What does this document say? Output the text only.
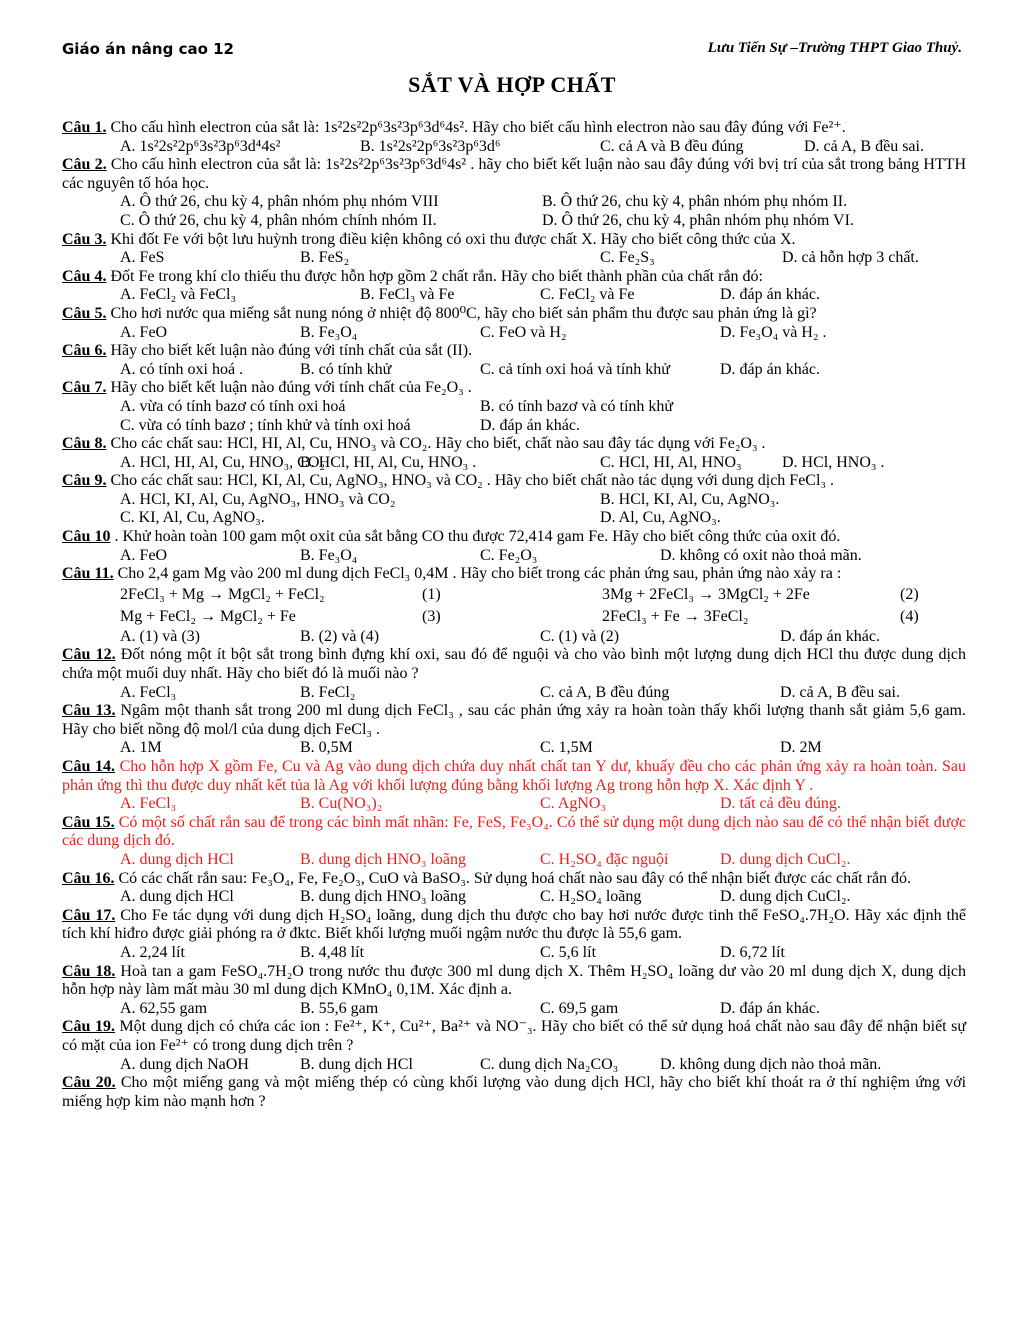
Giáo án nâng cao 12	Lưu Tiến Sự –Trường THPT Giao Thuỷ.
SẮT VÀ HỢP CHẤT

Câu 1. Cho cấu hình electron của sắt là: 1s²2s²2p⁶3s²3p⁶3d⁶4s². Hãy cho biết cấu hình electron nào sau đây đúng với Fe²⁺.

A. 1s²2s²2p⁶3s²3p⁶3d⁴4s²	B. 1s²2s²2p⁶3s²3p⁶3d⁶	C. cả A và B đều đúng	D. cả A, B đều sai.

Câu 2. Cho cấu hình electron của sắt là: 1s²2s²2p⁶3s²3p⁶3d⁶4s² . hãy cho biết kết luận nào sau đây đúng với bvị trí của sắt trong bảng HTTH các nguyên tố hóa học.

A. Ô thứ 26, chu kỳ 4, phân nhóm phụ nhóm VIII	B. Ô thứ 26, chu kỳ 4, phân nhóm phụ nhóm II.
C. Ô thứ 26, chu kỳ 4, phân nhóm chính nhóm II.	D. Ô thứ 26, chu kỳ 4, phân nhóm phụ nhóm VI.

Câu 3. Khi đốt Fe với bột lưu huỳnh trong điều kiện không có oxi thu được chất X. Hãy cho biết công thức của X.

A. FeS	B. FeS₂	C. Fe₂S₃	D. cả hỗn hợp 3 chất.

Câu 4. Đốt Fe trong khí clo thiếu thu được hỗn hợp gồm 2 chất rắn. Hãy cho biết thành phần của chất rắn đó:

A. FeCl₂ và FeCl₃	B. FeCl₃ và Fe	C. FeCl₂ và Fe	D. đáp án khác.

Câu 5. Cho hơi nước qua miếng sắt nung nóng ở nhiệt độ 800⁰C, hãy cho biết sản phẩm thu được sau phản ứng là gì?

A. FeO	B. Fe₃O₄	C. FeO và H₂	D. Fe₃O₄ và H₂ .

Câu 6. Hãy cho biết kết luận nào đúng với tính chất của sắt (II).

A. có tính oxi hoá .	B. có tính khử	C. cả tính oxi hoá và tính khử	D. đáp án khác.

Câu 7. Hãy cho biết kết luận nào đúng với tính chất của Fe₂O₃ .

A. vừa có tính bazơ có tính oxi hoá	B. có tính bazơ và có tính khử
C. vừa có tính bazơ ; tính khử và tính oxi hoá	D. đáp án khác.

Câu 8. Cho các chất sau: HCl, HI, Al, Cu, HNO₃ và CO₂. Hãy cho biết, chất nào sau đây tác dụng với Fe₂O₃ .

A. HCl, HI, Al, Cu, HNO₃, CO₂
B. HCl, HI, Al, Cu, HNO₃ .	C. HCl, HI, Al, HNO₃	D. HCl, HNO₃ .

Câu 9. Cho các chất sau: HCl, KI, Al, Cu, AgNO₃, HNO₃ và CO₂ . Hãy cho biết chất nào tác dụng với dung dịch FeCl₃ .

A. HCl, KI, Al, Cu, AgNO₃, HNO₃ và CO₂	B. HCl, KI, Al, Cu, AgNO₃.
C. KI, Al, Cu, AgNO₃.	D. Al, Cu, AgNO₃.

Câu 10 . Khử hoàn toàn 100 gam một oxit của sắt bằng CO thu được 72,414 gam Fe. Hãy cho biết công thức của oxit đó.

A. FeO	B. Fe₃O₄	C. Fe₂O₃	D. không có oxit nào thoả mãn.

Câu 11. Cho 2,4 gam Mg vào 200 ml dung dịch FeCl₃ 0,4M . Hãy cho biết trong các phản ứng sau, phản ứng nào xảy ra :

2FeCl₃ + Mg → MgCl₂ + FeCl₂	(1)	3Mg + 2FeCl₃ → 3MgCl₂ + 2Fe	(2)
Mg + FeCl₂ → MgCl₂ + Fe	(3)	2FeCl₃ + Fe → 3FeCl₂	(4)
A. (1) và (3)	B. (2) và (4)	C. (1) và (2)	D. đáp án khác.

Câu 12. Đốt nóng một ít bột sắt trong bình đựng khí oxi, sau đó để nguội và cho vào bình một lượng dung dịch HCl thu được dung dịch chứa một muối duy nhất. Hãy cho biết đó là muối nào ?

A. FeCl₃	B. FeCl₂	C. cả A, B đều đúng	D. cả A, B đều sai.

Câu 13. Ngâm một thanh sắt trong 200 ml dung dịch FeCl₃ , sau các phản ứng xảy ra hoàn toàn thấy khối lượng thanh sắt giảm 5,6 gam. Hãy cho biết nồng độ mol/l của dung dịch FeCl₃ .

A. 1M	B. 0,5M	C. 1,5M	D. 2M

Câu 14. Cho hỗn hợp X gồm Fe, Cu và Ag vào dung dịch chứa duy nhất chất tan Y dư, khuấy đều cho các phản ứng xảy ra hoàn toàn. Sau phản ứng thì thu được duy nhất kết tủa là Ag với khối lượng đúng bằng khối lượng Ag trong hỗn hợp X. Xác định Y .

A. FeCl₃	B. Cu(NO₃)₂	C. AgNO₃	D. tất cả đều đúng.

Câu 15. Có một số chất rắn sau để trong các bình mất nhãn: Fe, FeS, Fe₃O₄. Có thể sử dụng một dung dịch nào sau để có thể nhận biết được các dung dịch đó.

A. dung dịch HCl	B. dung dịch HNO₃ loãng	C. H₂SO₄ đặc nguội	D. dung dịch CuCl₂.

Câu 16. Có các chất rắn sau: Fe₃O₄, Fe, Fe₂O₃, CuO và BaSO₃. Sử dụng hoá chất nào sau đây có thể nhận biết được các chất rắn đó.

A. dung dịch HCl	B. dung dịch HNO₃ loãng	C. H₂SO₄ loãng	D. dung dịch CuCl₂.

Câu 17. Cho Fe tác dụng với dung dịch H₂SO₄ loãng, dung dịch thu được cho bay hơi nước được tinh thể FeSO₄.7H₂O. Hãy xác định thể tích khí hiđro được giải phóng ra ở đktc. Biết khối lượng muối ngậm nước thu được là 55,6 gam.

A. 2,24 lít	B. 4,48 lít	C. 5,6 lít	D. 6,72 lít

Câu 18. Hoà tan a gam FeSO₄.7H₂O trong nước thu được 300 ml dung dịch X. Thêm H₂SO₄ loãng dư vào 20 ml dung dịch X, dung dịch hỗn hợp này làm mất màu 30 ml dung dịch KMnO₄ 0,1M. Xác định a.

A. 62,55 gam	B. 55,6 gam	C. 69,5 gam	D. đáp án khác.

Câu 19. Một dung dịch có chứa các ion : Fe²⁺, K⁺, Cu²⁺, Ba²⁺ và NO⁻₃. Hãy cho biết có thể sử dụng hoá chất nào sau đây để nhận biết sự có mặt của ion Fe²⁺ có trong dung dịch trên ?

A. dung dịch NaOH	B. dung dịch HCl	C. dung dịch Na₂CO₃	D. không dung dịch nào thoả mãn.

Câu 20. Cho một miếng gang và một miếng thép có cùng khối lượng vào dung dịch HCl, hãy cho biết khí thoát ra ở thí nghiệm ứng với miếng hợp kim nào mạnh hơn ?
